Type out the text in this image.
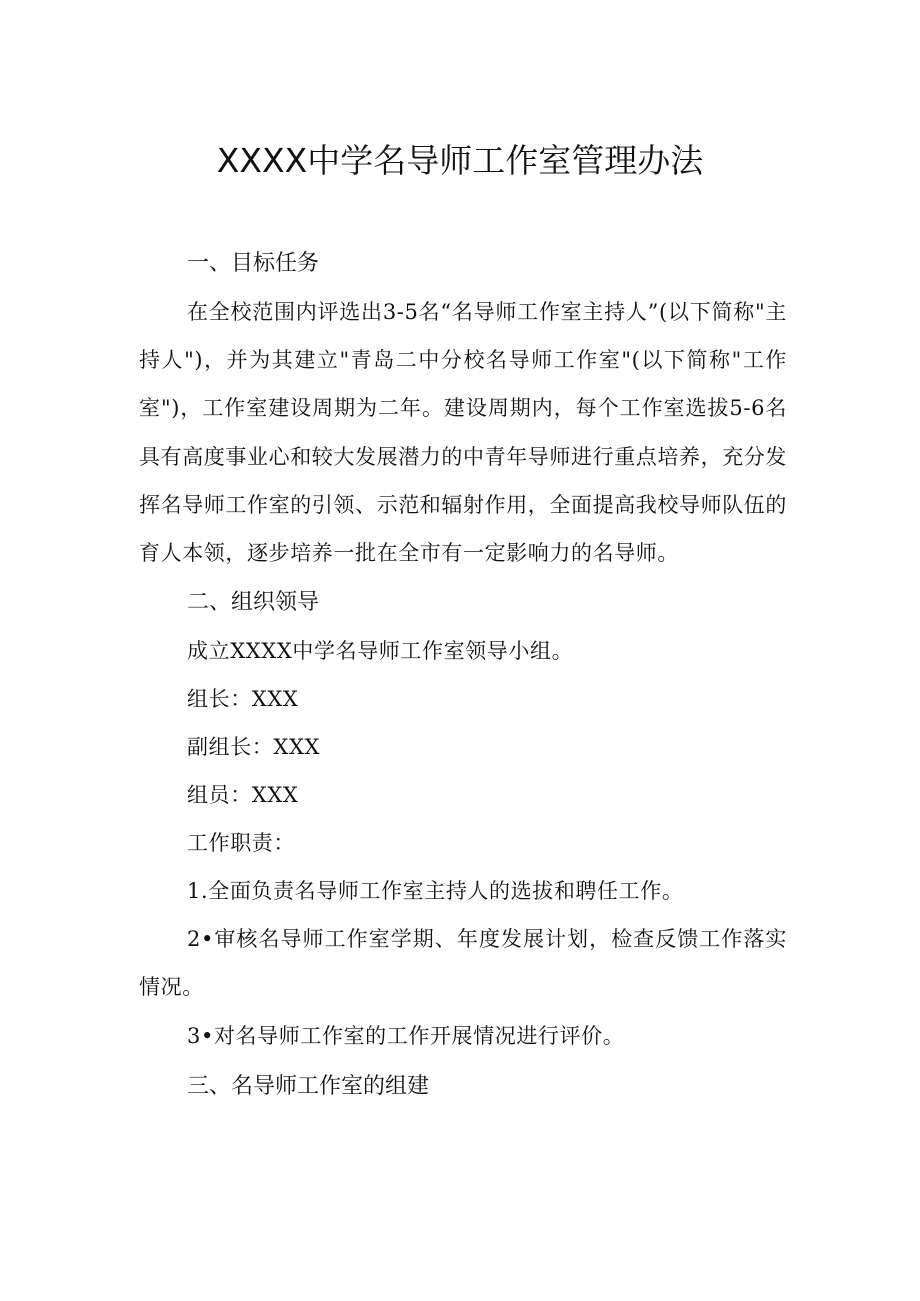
XXXX中学名导师工作室管理办法
一、目标任务

在全校范围内评选出3-5名“名导师工作室主持人”(以下简称"主持人")，并为其建立"青岛二中分校名导师工作室"(以下简称"工作室")，工作室建设周期为二年。建设周期内，每个工作室选拔5-6名具有高度事业心和较大发展潜力的中青年导师进行重点培养，充分发挥名导师工作室的引领、示范和辐射作用，全面提高我校导师队伍的育人本领，逐步培养一批在全市有一定影响力的名导师。

二、组织领导

成立XXXX中学名导师工作室领导小组。

组长：XXX

副组长：XXX

组员：XXX

工作职责：

1.全面负责名导师工作室主持人的选拔和聘任工作。

2•审核名导师工作室学期、年度发展计划，检查反馈工作落实情况。

3•对名导师工作室的工作开展情况进行评价。

三、名导师工作室的组建
